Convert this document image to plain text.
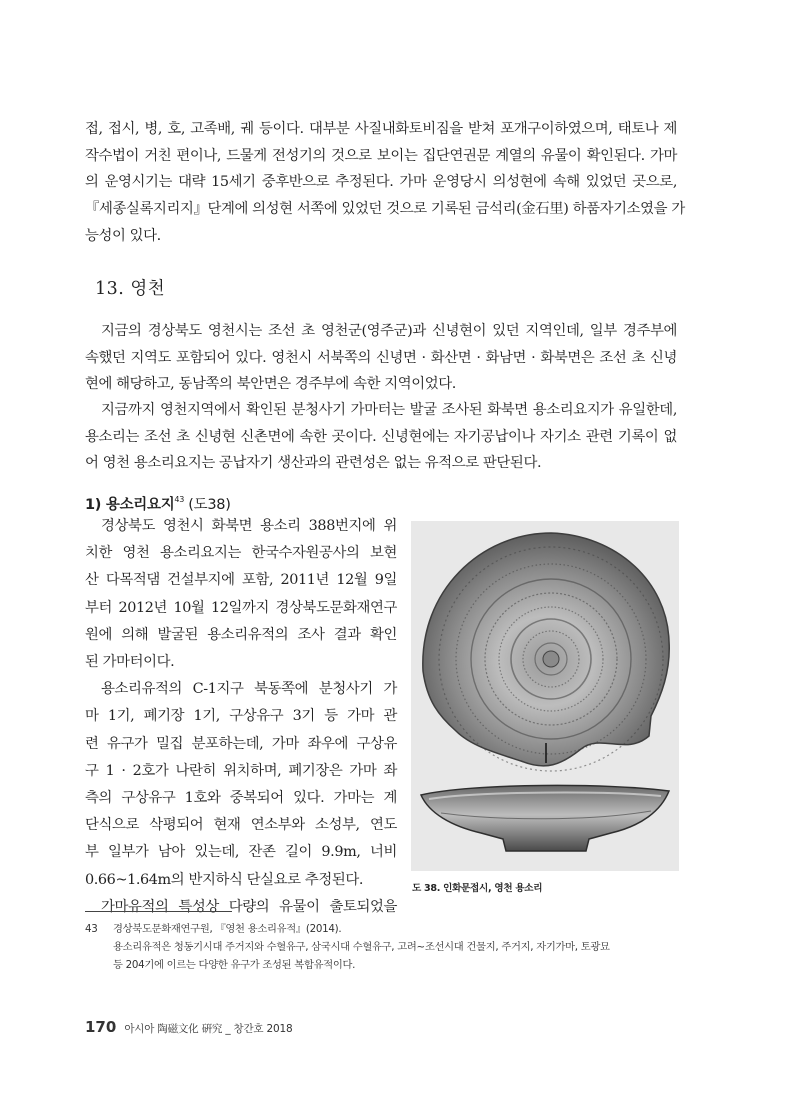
접, 접시, 병, 호, 고족배, 궤 등이다. 대부분 사질내화토비짐을 받쳐 포개구이하였으며, 태토나 제
작수법이 거친 편이나, 드물게 전성기의 것으로 보이는 집단연권문 계열의 유물이 확인된다. 가마
의 운영시기는 대략 15세기 중후반으로 추정된다. 가마 운영당시 의성현에 속해 있었던 곳으로,
『세종실록지리지』단계에 의성현 서쪽에 있었던 것으로 기록된 금석리(金石里) 하품자기소였을 가
능성이 있다.
13. 영천
지금의 경상북도 영천시는 조선 초 영천군(영주군)과 신녕현이 있던 지역인데, 일부 경주부에
속했던 지역도 포함되어 있다. 영천시 서북쪽의 신녕면 · 화산면 · 화남면 · 화북면은 조선 초 신녕
현에 해당하고, 동남쪽의 북안면은 경주부에 속한 지역이었다.
지금까지 영천지역에서 확인된 분청사기 가마터는 발굴 조사된 화북면 용소리요지가 유일한데,
용소리는 조선 초 신녕현 신촌면에 속한 곳이다. 신녕현에는 자기공납이나 자기소 관련 기록이 없
어 영천 용소리요지는 공납자기 생산과의 관련성은 없는 유적으로 판단된다.
1) 용소리요지$^{43}$ (도38)
경상북도 영천시 화북면 용소리 388번지에 위
치한 영천 용소리요지는 한국수자원공사의 보현
산 다목적댐 건설부지에 포함, 2011년 12월 9일
부터 2012년 10월 12일까지 경상북도문화재연구
원에 의해 발굴된 용소리유적의 조사 결과 확인
된 가마터이다.
용소리유적의 C-1지구 북동쪽에 분청사기 가
마 1기, 폐기장 1기, 구상유구 3기 등 가마 관
련 유구가 밀집 분포하는데, 가마 좌우에 구상유
구 1 · 2호가 나란히 위치하며, 폐기장은 가마 좌
측의 구상유구 1호와 중복되어 있다. 가마는 계
단식으로 삭평되어 현재 연소부와 소성부, 연도
부 일부가 남아 있는데, 잔존 길이 9.9m, 너비
0.66~1.64m의 반지하식 단실요로 추정된다.
가마유적의 특성상 다량의 유물이 출토되었을
도 38. 인화문접시, 영천 용소리
43 경상북도문화재연구원, 『영천 용소리유적』(2014).
용소리유적은 청동기시대 주거지와 수혈유구, 삼국시대 수혈유구, 고려~조선시대 건물지, 주거지, 자기가마, 토광묘
등 204기에 이르는 다양한 유구가 조성된 복합유적이다.
170 아시아 陶磁文化 硏究 _ 창간호 2018
